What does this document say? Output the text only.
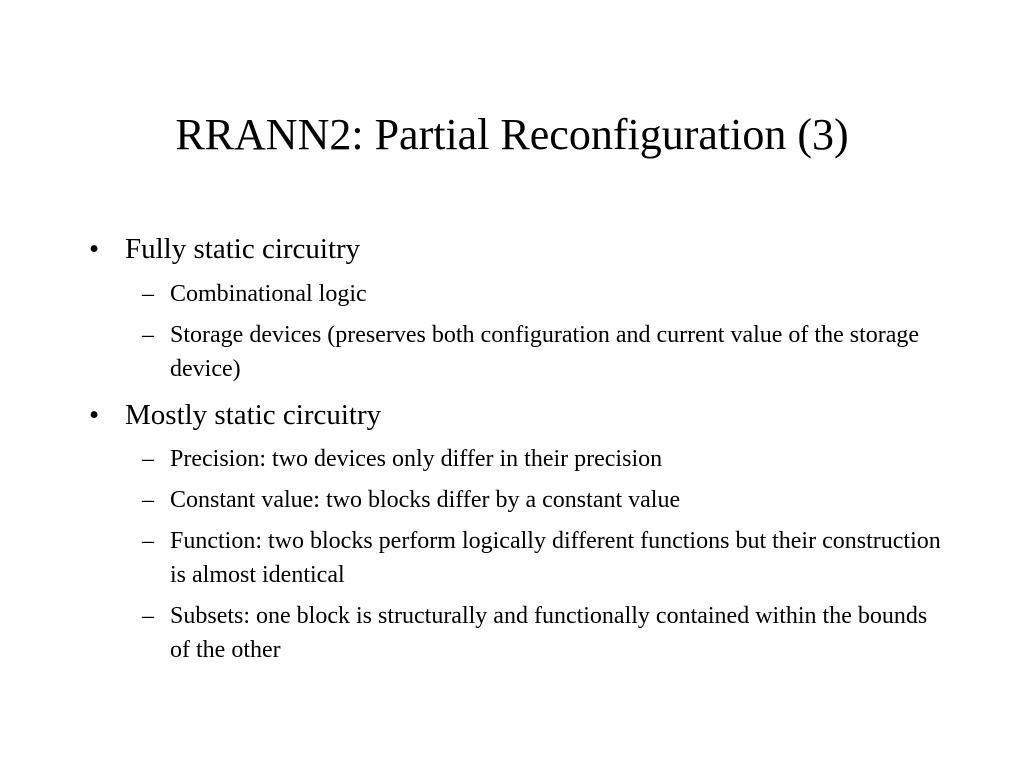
RRANN2: Partial Reconfiguration (3)
• Fully static circuitry
– Combinational logic
– Storage devices (preserves both configuration and current value of the storage device)
• Mostly static circuitry
– Precision: two devices only differ in their precision
– Constant value: two blocks differ by a constant value
– Function: two blocks perform logically different functions but their construction is almost identical
– Subsets: one block is structurally and functionally contained within the bounds of the other
